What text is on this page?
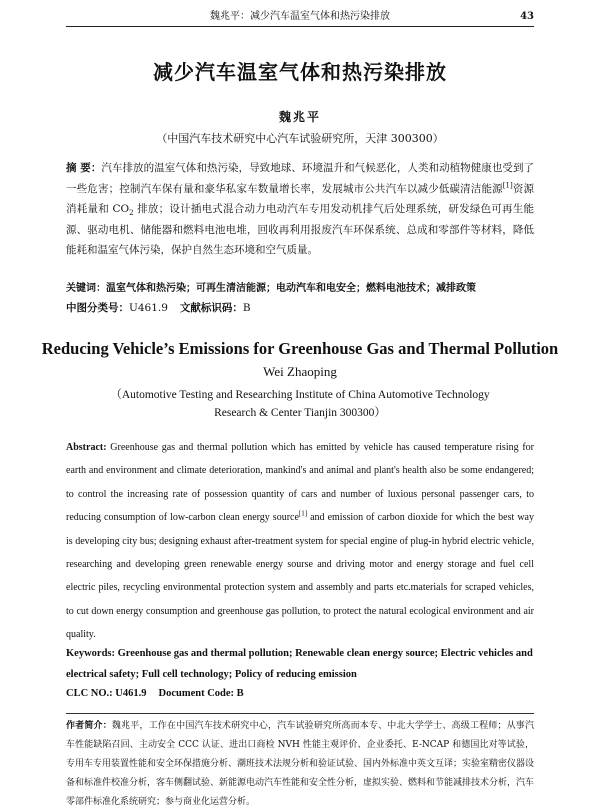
魏兆平：减少汽车温室气体和热污染排放	43
减少汽车温室气体和热污染排放
魏兆平
（中国汽车技术研究中心汽车试验研究所，天津 300300）

摘 要：汽车排放的温室气体和热污染，导致地球、环境温升和气候恶化，人类和动植物健康也受到了一些危害；控制汽车保有量和豪华私家车数量增长率，发展城市公共汽车以减少低碳清洁能源[1]资源消耗量和 $CO_2$ 排放；设计插电式混合动力电动汽车专用发动机排气后处理系统，研发绿色可再生能源、驱动电机、储能器和燃料电池电堆，回收再利用报废汽车环保系统、总成和零部件等材料，降低能耗和温室气体污染，保护自然生态环境和空气质量。

关键词：温室气体和热污染；可再生清洁能源；电动汽车和电安全；燃料电池技术；减排政策

中图分类号：U461.9 文献标识码：B

Reducing Vehicle’s Emissions for Greenhouse Gas and Thermal Pollution
Wei Zhaoping
（Automotive Testing and Researching Institute of China Automotive Technology Research & Center Tianjin 300300）

Abstract: Greenhouse gas and thermal pollution which has emitted by vehicle has caused temperature rising for earth and environment and climate deterioration, mankind's and animal and plant's health also be some endangered; to control the increasing rate of possession quantity of cars and number of luxious personal passenger cars, to reducing consumption of low-carbon clean energy source[1] and emission of carbon dioxide for which the best way is developing city bus; designing exhaust after-treatment system for special engine of plug-in hybrid electric vehicle, researching and developing green renewable energy sourse and driving motor and energy storage and fuel cell electric piles, recycling environmental protection system and assembly and parts etc.materials for scraped vehicles, to cut down energy consumption and greenhouse gas pollution, to protect the natural ecological environment and air quality.

Keywords: Greenhouse gas and thermal pollution; Renewable clean energy source; Electric vehicles and electrical safety; Full cell technology; Policy of reducing emission

CLC NO.: U461.9 Document Code: B

作者简介：魏兆平，工作在中国汽车技术研究中心，汽车试验研究所高而本专、中北大学学士、高级工程师；从事汽车性能缺陷召回、主动安全 CCC 认证、进出口商检 NVH 性能主观评价、企业委托、E-NCAP 和德国比对等试验，专用车专用装置性能和安全环保措施分析、潮班技术法规分析和验证试验、国内外标准中英文互译；实验室精密仪器设备和标准件校准分析，客车侧翻试验、新能源电动汽车性能和安全性分析，虚拟实验、燃料和节能减排技术分析，汽车零部件标准化系统研究；参与商业化运营分析。
